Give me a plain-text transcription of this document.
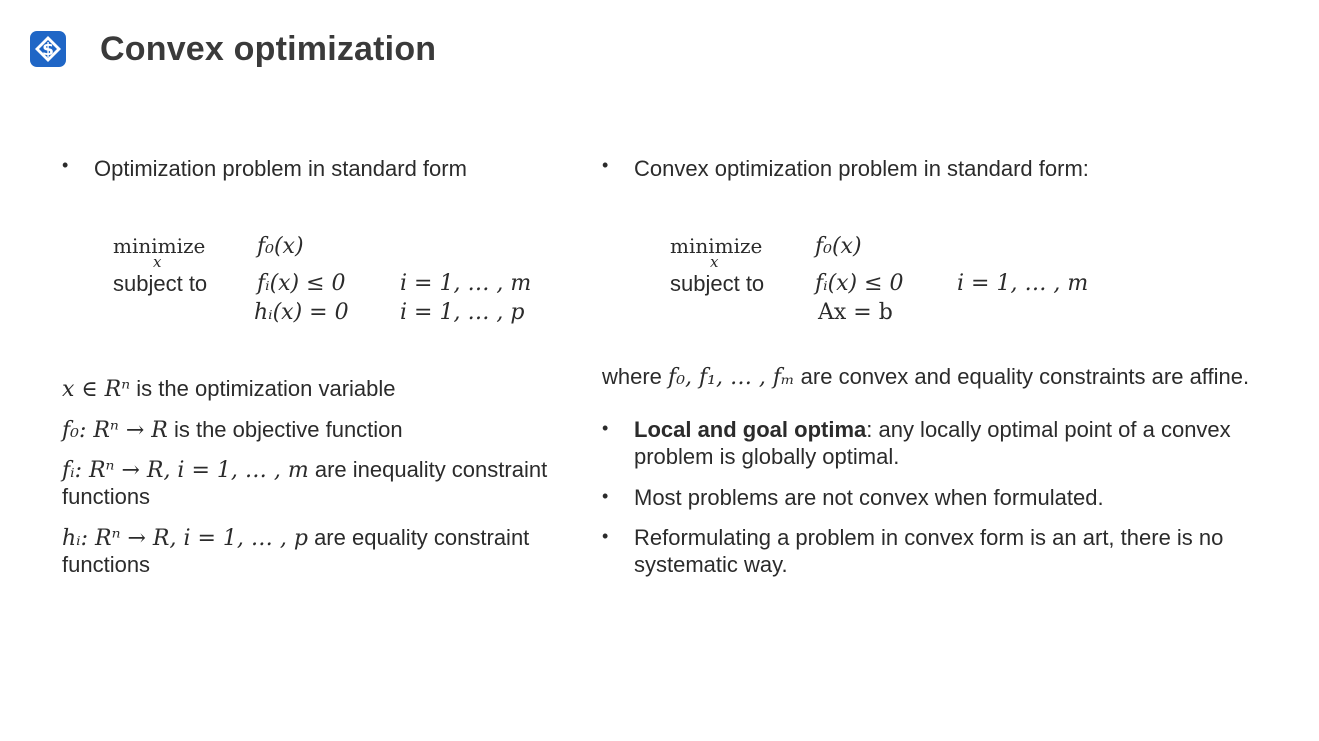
$ Convex optimization
• Optimization problem in standard form
minimize
x
f₀(x)
subject to fᵢ(x) ≤ 0 i = 1, … , m
hᵢ(x) = 0 i = 1, … , p
x ∈ Rⁿ is the optimization variable
f₀: Rⁿ → R is the objective function
fᵢ: Rⁿ → R, i = 1, … , m are inequality constraint functions
hᵢ: Rⁿ → R, i = 1, … , p are equality constraint functions
• Convex optimization problem in standard form:
minimize
x
f₀(x)
subject to fᵢ(x) ≤ 0 i = 1, … , m
Ax = b
where f₀, f₁, … , fₘ are convex and equality constraints are affine.
• Local and goal optima: any locally optimal point of a convex problem is globally optimal.
• Most problems are not convex when formulated.
• Reformulating a problem in convex form is an art, there is no systematic way.
